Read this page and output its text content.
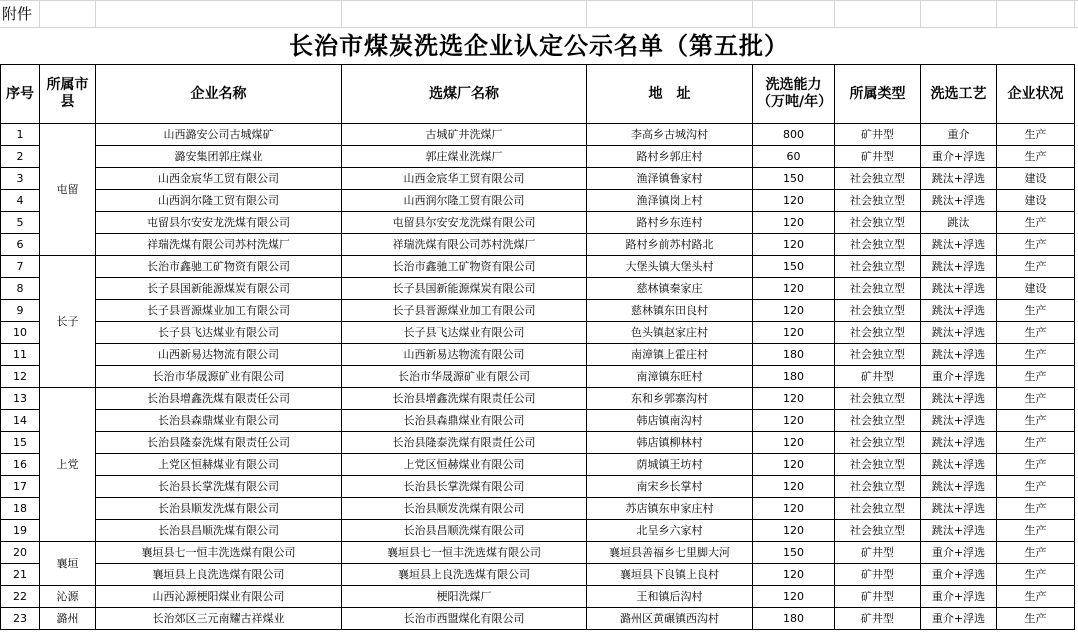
附件
长治市煤炭洗选企业认定公示名单（第五批）
序号	所属市县	企业名称	选煤厂名称	地　址	洗选能力（万吨/年）	所属类型	洗选工艺	企业状况
1	屯留	山西潞安公司古城煤矿	古城矿井洗煤厂	李高乡古城沟村	800	矿井型	重介	生产
2		潞安集团郭庄煤业	郭庄煤业洗煤厂	路村乡郭庄村	60	矿井型	重介+浮选	生产
3		山西金宸华工贸有限公司	山西金宸华工贸有限公司	渔泽镇鲁家村	150	社会独立型	跳汰+浮选	建设
4		山西润尔隆工贸有限公司	山西润尔隆工贸有限公司	渔泽镇岗上村	120	社会独立型	跳汰+浮选	建设
5		屯留县尔安安龙洗煤有限公司	屯留县尔安安龙洗煤有限公司	路村乡东连村	120	社会独立型	跳汰	生产
6		祥瑞洗煤有限公司苏村洗煤厂	祥瑞洗煤有限公司苏村洗煤厂	路村乡前苏村路北	120	社会独立型	跳汰+浮选	生产
7	长子	长治市鑫驰工矿物资有限公司	长治市鑫驰工矿物资有限公司	大堡头镇大堡头村	150	社会独立型	跳汰+浮选	生产
8		长子县国新能源煤炭有限公司	长子县国新能源煤炭有限公司	慈林镇秦家庄	120	社会独立型	跳汰+浮选	建设
9		长子县晋源煤业加工有限公司	长子县晋源煤业加工有限公司	慈林镇东田良村	120	社会独立型	跳汰+浮选	生产
10		长子县飞达煤业有限公司	长子县飞达煤业有限公司	色头镇赵家庄村	120	社会独立型	跳汰+浮选	生产
11		山西新易达物流有限公司	山西新易达物流有限公司	南漳镇上霍庄村	180	社会独立型	跳汰+浮选	生产
12		长治市华晟源矿业有限公司	长治市华晟源矿业有限公司	南漳镇东旺村	180	矿井型	重介+浮选	生产
13	上党	长治县增鑫洗煤有限责任公司	长治县增鑫洗煤有限责任公司	东和乡郭寨沟村	120	社会独立型	跳汰+浮选	生产
14		长治县森鼎煤业有限公司	长治县森鼎煤业有限公司	韩店镇南沟村	120	社会独立型	跳汰+浮选	生产
15		长治县隆泰洗煤有限责任公司	长治县隆泰洗煤有限责任公司	韩店镇柳林村	120	社会独立型	跳汰+浮选	生产
16		上党区恒赫煤业有限公司	上党区恒赫煤业有限公司	荫城镇王坊村	120	社会独立型	跳汰+浮选	生产
17		长治县长掌洗煤有限公司	长治县长掌洗煤有限公司	南宋乡长掌村	120	社会独立型	跳汰+浮选	生产
18		长治县顺发洗煤有限公司	长治县顺发洗煤有限公司	苏店镇东申家庄村	120	社会独立型	跳汰+浮选	生产
19		长治县昌顺洗煤有限公司	长治县昌顺洗煤有限公司	北呈乡六家村	120	社会独立型	跳汰+浮选	生产
20	襄垣	襄垣县七一恒丰洗选煤有限公司	襄垣县七一恒丰洗选煤有限公司	襄垣县善福乡七里脚大河	150	矿井型	重介+浮选	生产
21		襄垣县上良洗选煤有限公司	襄垣县上良洗选煤有限公司	襄垣县下良镇上良村	120	矿井型	重介+浮选	生产
22	沁源	山西沁源梗阳煤业有限公司	梗阳洗煤厂	王和镇后沟村	120	矿井型	重介+浮选	生产
23	潞州	长治郊区三元南耀古祥煤业	长治市西盟煤化有限公司	潞州区黄碾镇西沟村	180	矿井型	重介+浮选	生产
